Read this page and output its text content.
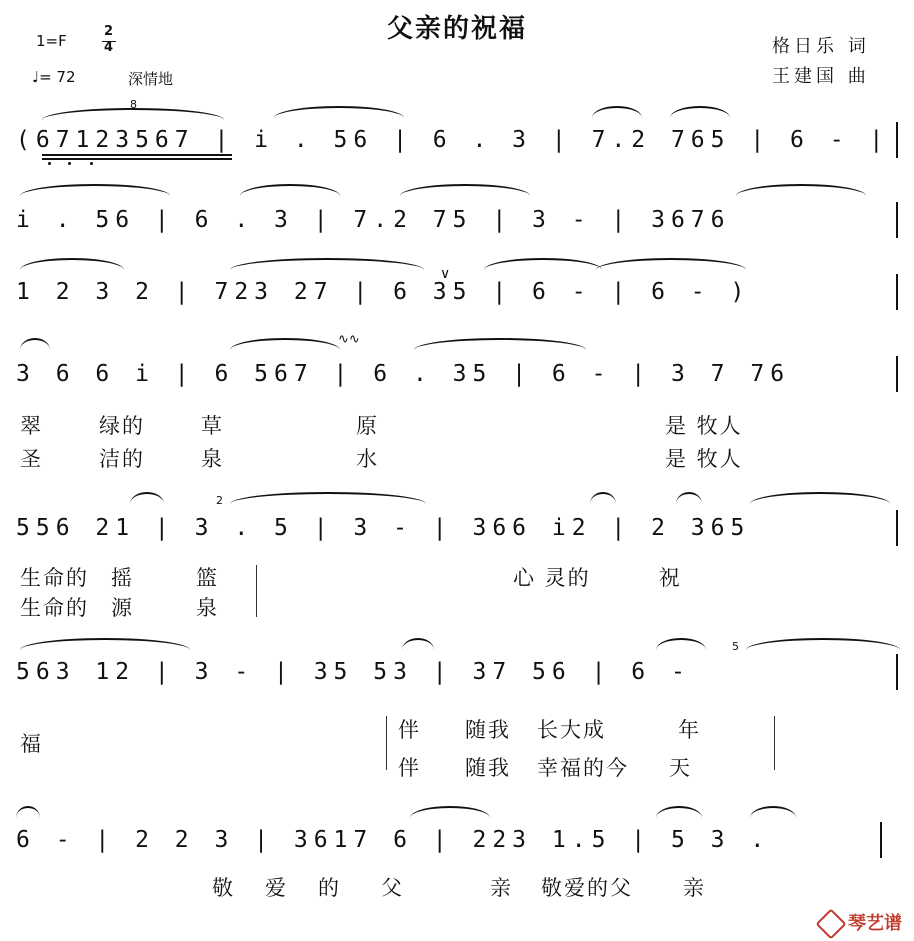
父亲的祝福
1=F
2
4
♩= 72	深情地
格日乐 词
王建国 曲
(67123567 | i . 56 | 6 . 3 | 7.2 765 | 6 - |
8
i . 56 | 6 . 3 | 7.2 75 | 3 - | 3676
1 2 3 2 | 723 27 | 6 35 | 6 - | 6 - )
∨
3 6 6 i | 6 567 | 6 . 35 | 6 - | 3 7 76
∿∿
翠	绿的	草	原	是 牧人
圣	洁的	泉	水	是 牧人
556 21 | 3 . 5 | 3 - | 366 i2 | 2 365
2
生命的 摇	篮	心 灵的	祝
生命的 源	泉
563 12 | 3 - | 35 53 | 37 56 | 6 -
5
福
伴 随我 长大成	年
伴 随我 幸福的今 天
6 - | 2 2 3 | 3617 6 | 223 1.5 | 5 3 .
敬 爱 的 父	亲 敬爱的父 亲
琴艺谱
